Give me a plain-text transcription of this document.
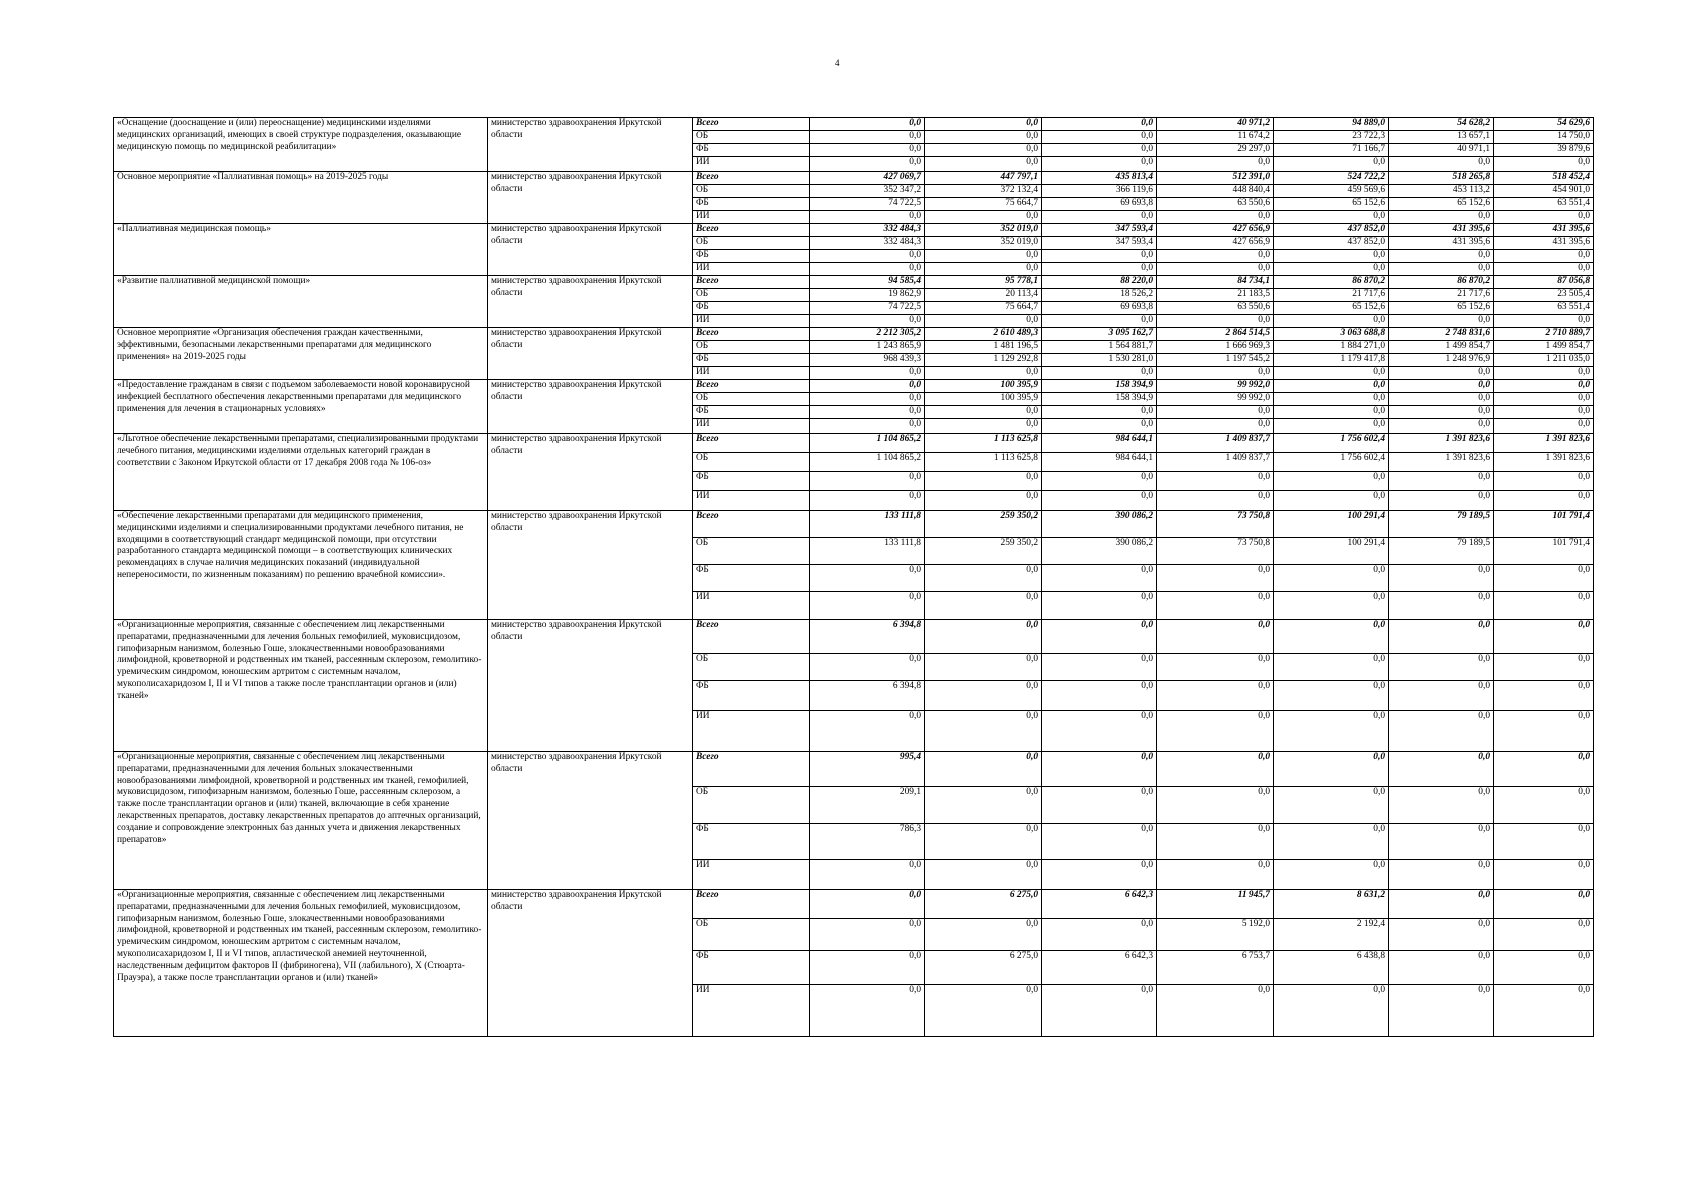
4
«Оснащение (дооснащение и (или) переоснащение) медицинскими изделиями медицинских организаций, имеющих в своей структуре подразделения, оказывающие медицинскую помощь по медицинской реабилитации»	министерство здравоохранения Иркутской области	Всего	0,0	0,0	0,0	40 971,2	94 889,0	54 628,2	54 629,6
		ОБ	0,0	0,0	0,0	11 674,2	23 722,3	13 657,1	14 750,0
		ФБ	0,0	0,0	0,0	29 297,0	71 166,7	40 971,1	39 879,6
		ИИ	0,0	0,0	0,0	0,0	0,0	0,0	0,0
Основное мероприятие «Паллиативная помощь» на 2019-2025 годы	министерство здравоохранения Иркутской области	Всего	427 069,7	447 797,1	435 813,4	512 391,0	524 722,2	518 265,8	518 452,4
		ОБ	352 347,2	372 132,4	366 119,6	448 840,4	459 569,6	453 113,2	454 901,0
		ФБ	74 722,5	75 664,7	69 693,8	63 550,6	65 152,6	65 152,6	63 551,4
		ИИ	0,0	0,0	0,0	0,0	0,0	0,0	0,0
«Паллиативная медицинская помощь»	министерство здравоохранения Иркутской области	Всего	332 484,3	352 019,0	347 593,4	427 656,9	437 852,0	431 395,6	431 395,6
		ОБ	332 484,3	352 019,0	347 593,4	427 656,9	437 852,0	431 395,6	431 395,6
		ФБ	0,0	0,0	0,0	0,0	0,0	0,0	0,0
		ИИ	0,0	0,0	0,0	0,0	0,0	0,0	0,0
«Развитие паллиативной медицинской помощи»	министерство здравоохранения Иркутской области	Всего	94 585,4	95 778,1	88 220,0	84 734,1	86 870,2	86 870,2	87 056,8
		ОБ	19 862,9	20 113,4	18 526,2	21 183,5	21 717,6	21 717,6	23 505,4
		ФБ	74 722,5	75 664,7	69 693,8	63 550,6	65 152,6	65 152,6	63 551,4
		ИИ	0,0	0,0	0,0	0,0	0,0	0,0	0,0
Основное мероприятие «Организация обеспечения граждан качественными, эффективными, безопасными лекарственными препаратами для медицинского применения» на 2019-2025 годы	министерство здравоохранения Иркутской области	Всего	2 212 305,2	2 610 489,3	3 095 162,7	2 864 514,5	3 063 688,8	2 748 831,6	2 710 889,7
		ОБ	1 243 865,9	1 481 196,5	1 564 881,7	1 666 969,3	1 884 271,0	1 499 854,7	1 499 854,7
		ФБ	968 439,3	1 129 292,8	1 530 281,0	1 197 545,2	1 179 417,8	1 248 976,9	1 211 035,0
		ИИ	0,0	0,0	0,0	0,0	0,0	0,0	0,0
«Предоставление гражданам в связи с подъемом заболеваемости новой коронавирусной инфекцией бесплатного обеспечения лекарственными препаратами для медицинского применения для лечения в стационарных условиях»	министерство здравоохранения Иркутской области	Всего	0,0	100 395,9	158 394,9	99 992,0	0,0	0,0	0,0
		ОБ	0,0	100 395,9	158 394,9	99 992,0	0,0	0,0	0,0
		ФБ	0,0	0,0	0,0	0,0	0,0	0,0	0,0
		ИИ	0,0	0,0	0,0	0,0	0,0	0,0	0,0
«Льготное обеспечение лекарственными препаратами, специализированными продуктами лечебного питания, медицинскими изделиями отдельных категорий граждан в соответствии с Законом Иркутской области от 17 декабря 2008 года № 106-оз»	министерство здравоохранения Иркутской области	Всего	1 104 865,2	1 113 625,8	984 644,1	1 409 837,7	1 756 602,4	1 391 823,6	1 391 823,6
		ОБ	1 104 865,2	1 113 625,8	984 644,1	1 409 837,7	1 756 602,4	1 391 823,6	1 391 823,6
		ФБ	0,0	0,0	0,0	0,0	0,0	0,0	0,0
		ИИ	0,0	0,0	0,0	0,0	0,0	0,0	0,0
«Обеспечение лекарственными препаратами для медицинского применения, медицинскими изделиями и специализированными продуктами лечебного питания, не входящими в соответствующий стандарт медицинской помощи, при отсутствии разработанного стандарта медицинской помощи – в соответствующих клинических рекомендациях в случае наличия медицинских показаний (индивидуальной непереносимости, по жизненным показаниям) по решению врачебной комиссии».	министерство здравоохранения Иркутской области	Всего	133 111,8	259 350,2	390 086,2	73 750,8	100 291,4	79 189,5	101 791,4
		ОБ	133 111,8	259 350,2	390 086,2	73 750,8	100 291,4	79 189,5	101 791,4
		ФБ	0,0	0,0	0,0	0,0	0,0	0,0	0,0
		ИИ	0,0	0,0	0,0	0,0	0,0	0,0	0,0
«Организационные мероприятия, связанные с обеспечением лиц лекарственными препаратами, предназначенными для лечения больных гемофилией, муковисцидозом, гипофизарным нанизмом, болезнью Гоше, злокачественными новообразованиями лимфоидной, кроветворной и родственных им тканей, рассеянным склерозом, гемолитико-уремическим синдромом, юношеским артритом с системным началом, мукополисахаридозом I, II и VI типов а также после трансплантации органов и (или) тканей»	министерство здравоохранения Иркутской области	Всего	6 394,8	0,0	0,0	0,0	0,0	0,0	0,0
		ОБ	0,0	0,0	0,0	0,0	0,0	0,0	0,0
		ФБ	6 394,8	0,0	0,0	0,0	0,0	0,0	0,0
		ИИ	0,0	0,0	0,0	0,0	0,0	0,0	0,0
«Организационные мероприятия, связанные с обеспечением лиц лекарственными препаратами, предназначенными для лечения больных злокачественными новообразованиями лимфоидной, кроветворной и родственных им тканей, гемофилией, муковисцидозом, гипофизарным нанизмом, болезнью Гоше, рассеянным склерозом, а также после трансплантации органов и (или) тканей, включающие в себя хранение лекарственных препаратов, доставку лекарственных препаратов до аптечных организаций, создание и сопровождение электронных баз данных учета и движения лекарственных препаратов»	министерство здравоохранения Иркутской области	Всего	995,4	0,0	0,0	0,0	0,0	0,0	0,0
		ОБ	209,1	0,0	0,0	0,0	0,0	0,0	0,0
		ФБ	786,3	0,0	0,0	0,0	0,0	0,0	0,0
		ИИ	0,0	0,0	0,0	0,0	0,0	0,0	0,0
«Организационные мероприятия, связанные с обеспечением лиц лекарственными препаратами, предназначенными для лечения больных гемофилией, муковисцидозом, гипофизарным нанизмом, болезнью Гоше, злокачественными новообразованиями лимфоидной, кроветворной и родственных им тканей, рассеянным склерозом, гемолитико-уремическим синдромом, юношеским артритом с системным началом, мукополисахаридозом I, II и VI типов, апластической анемией неуточненной, наследственным дефицитом факторов II (фибриногена), VII (лабильного), X (Стюарта-Прауэра), а также после трансплантации органов и (или) тканей»	министерство здравоохранения Иркутской области	Всего	0,0	6 275,0	6 642,3	11 945,7	8 631,2	0,0	0,0
		ОБ	0,0	0,0	0,0	5 192,0	2 192,4	0,0	0,0
		ФБ	0,0	6 275,0	6 642,3	6 753,7	6 438,8	0,0	0,0
		ИИ	0,0	0,0	0,0	0,0	0,0	0,0	0,0
